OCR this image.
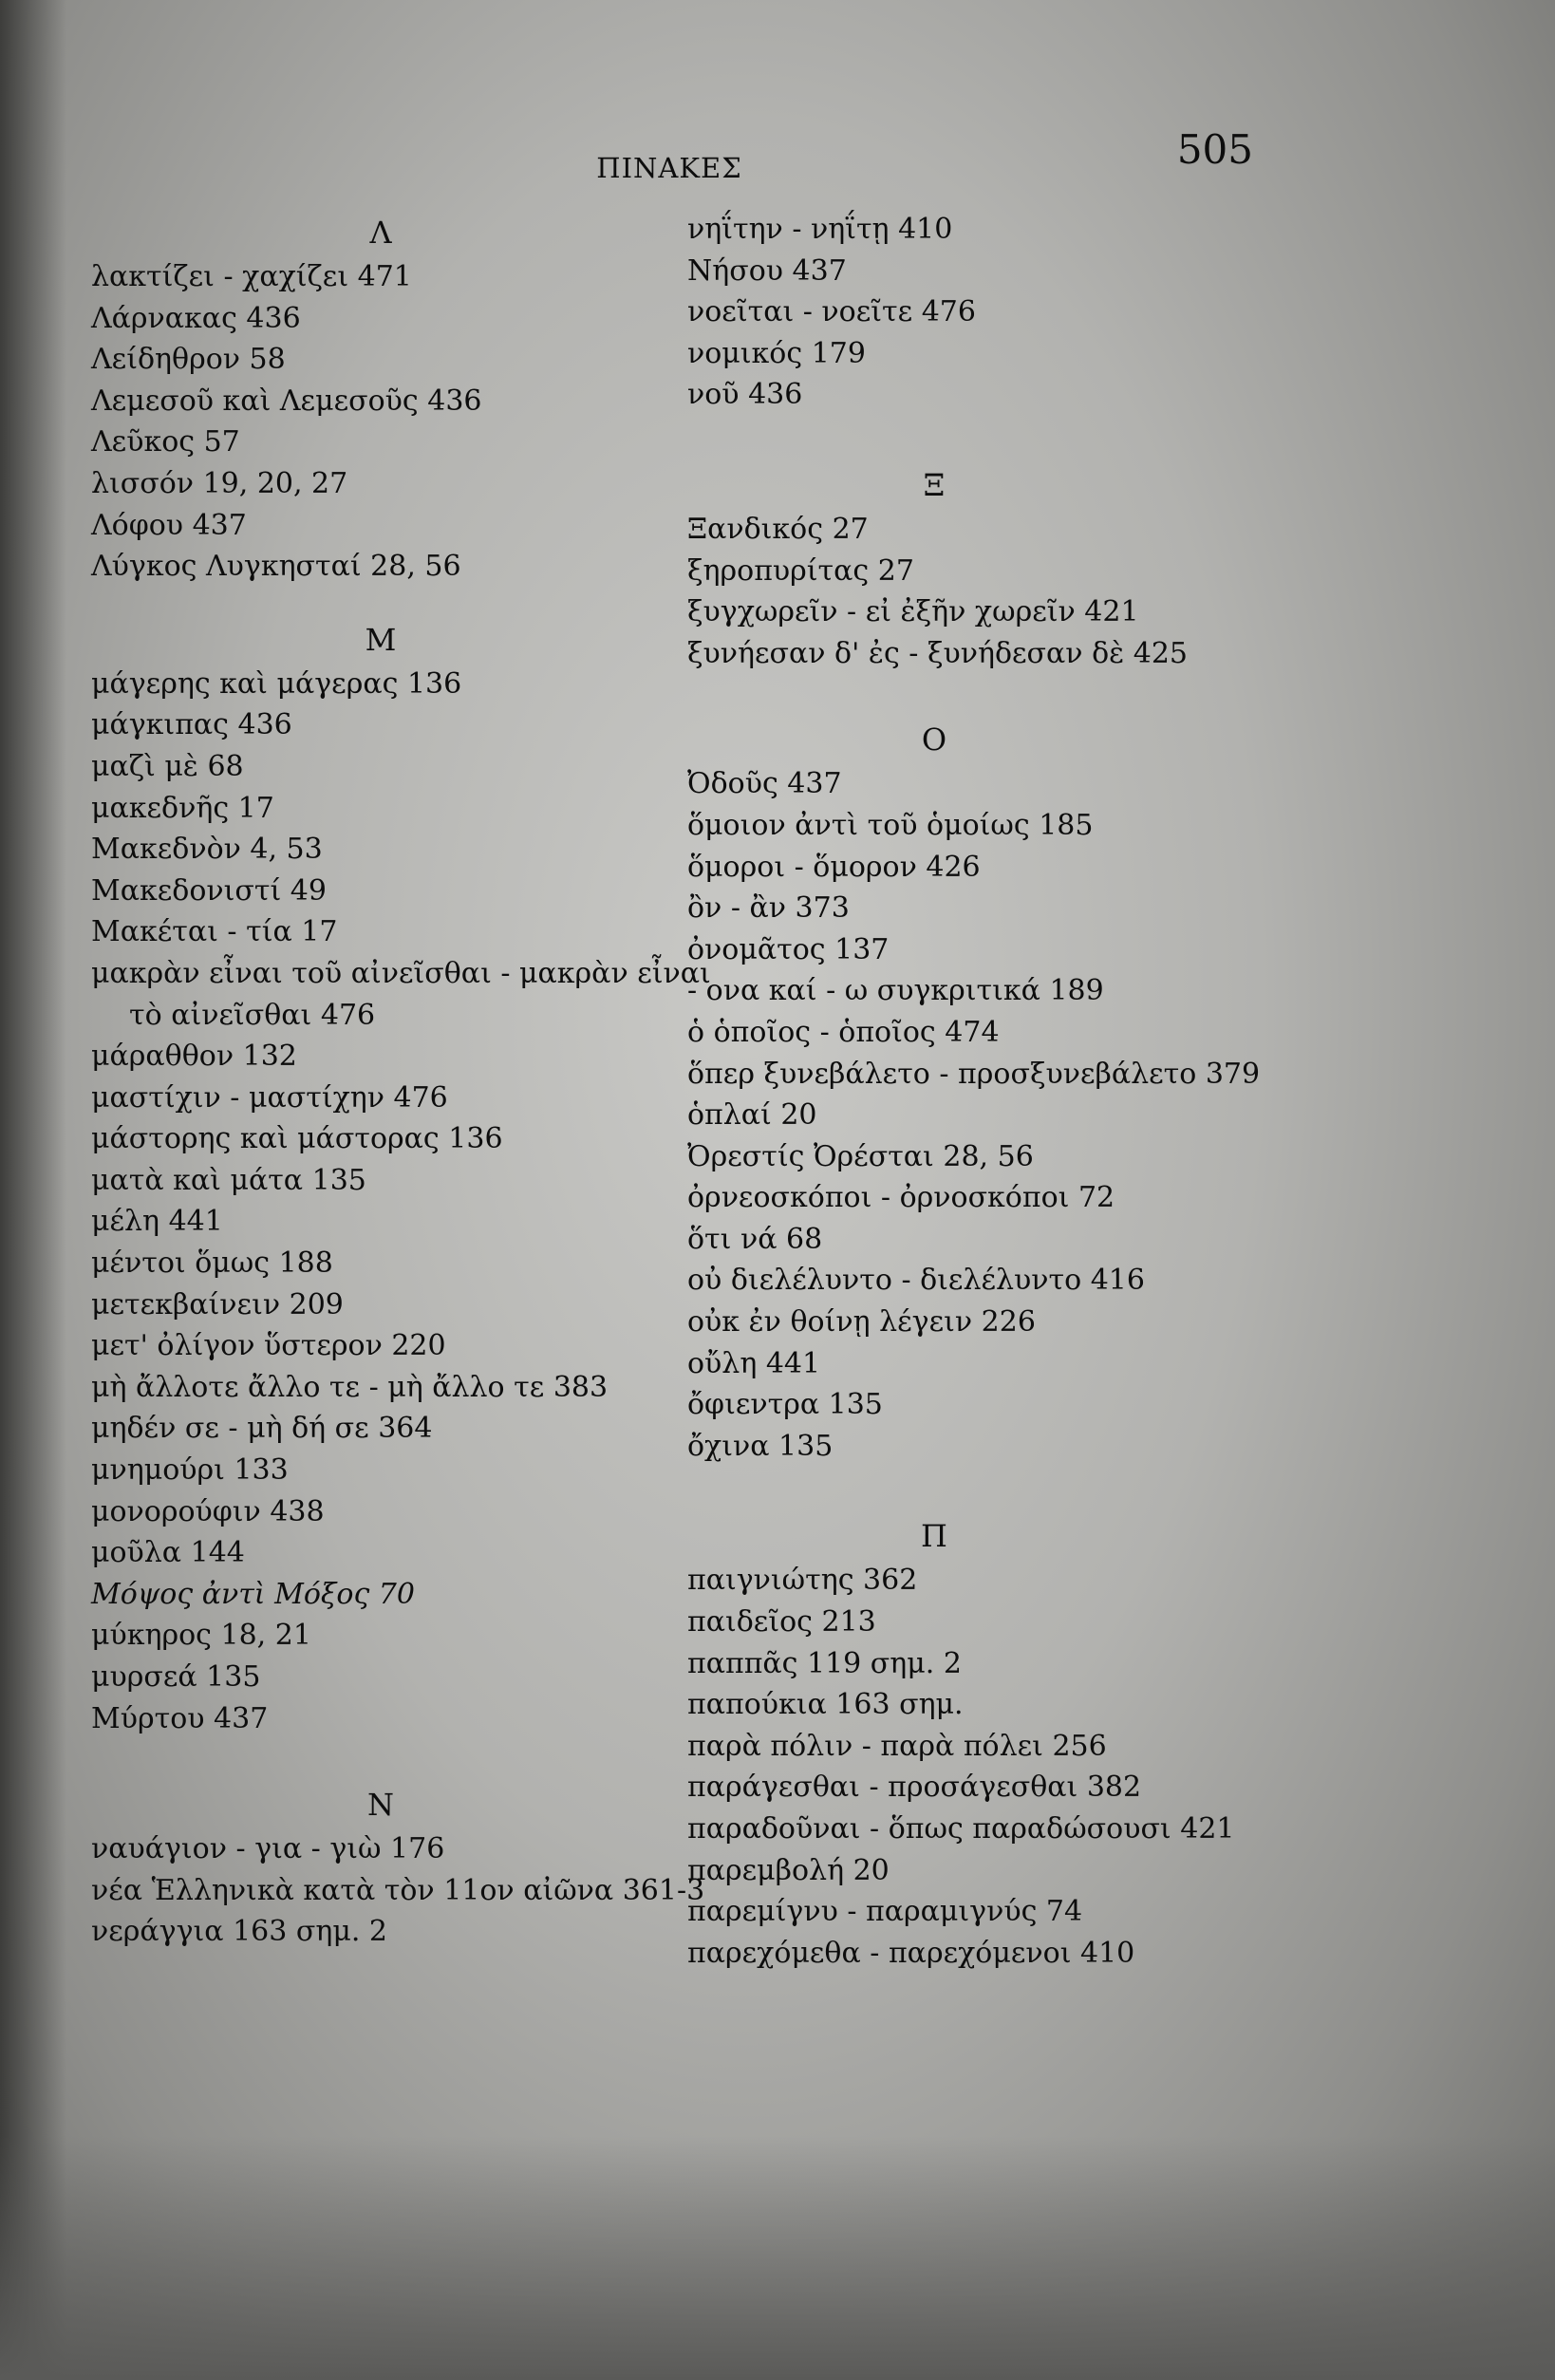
ΠΙΝΑΚΕΣ	505
Λ
λακτίζει - χαχίζει 471
Λάρνακας 436
Λείδηθρον 58
Λεμεσοῦ καὶ Λεμεσοῦς 436
Λεῦκος 57
λισσόν 19, 20, 27
Λόφου 437
Λύγκος Λυγκησταί 28, 56
Μ
μάγερης καὶ μάγερας 136
μάγκιπας 436
μαζὶ μὲ 68
μακεδνῆς 17
Μακεδνὸν 4, 53
Μακεδονιστί 49
Μακέται - τία 17
μακρὰν εἶναι τοῦ αἰνεῖσθαι - μακρὰν εἶναι
τὸ αἰνεῖσθαι 476
μάραθθον 132
μαστίχιν - μαστίχην 476
μάστορης καὶ μάστορας 136
ματὰ καὶ μάτα 135
μέλη 441
μέντοι ὅμως 188
μετεκβαίνειν 209
μετ' ὀλίγον ὕστερον 220
μὴ ἄλλοτε ἄλλο τε - μὴ ἄλλο τε 383
μηδέν σε - μὴ δή σε 364
μνημούρι 133
μονορούφιν 438
μοῦλα 144
Μόψος ἀντὶ Μόξος 70
μύκηρος 18, 21
μυρσεά 135
Μύρτου 437
Ν
ναυάγιον - για - γιὼ 176
νέα Ἑλληνικὰ κατὰ τὸν 11ον αἰῶνα 361-3
νεράγγια 163 σημ. 2
νηΐτην - νηΐτῃ 410
Νήσου 437
νοεῖται - νοεῖτε 476
νομικός 179
νοῦ 436
Ξ
Ξανδικός 27
ξηροπυρίτας 27
ξυγχωρεῖν - εἰ ἐξῆν χωρεῖν 421
ξυνήεσαν δ' ἐς - ξυνήδεσαν δὲ 425
Ο
Ὀδοῦς 437
ὅμοιον ἀντὶ τοῦ ὁμοίως 185
ὅμοροι - ὅμορον 426
ὂν - ἂν 373
ὀνομᾶτος 137
- ονα καί - ω συγκριτικά 189
ὁ ὁποῖος - ὁποῖος 474
ὅπερ ξυνεβάλετο - προσξυνεβάλετο 379
ὁπλαί 20
Ὀρεστίς Ὀρέσται 28, 56
ὀρνεοσκόποι - ὀρνοσκόποι 72
ὅτι νά 68
οὐ διελέλυντο - διελέλυντο 416
οὐκ ἐν θοίνῃ λέγειν 226
οὔλη 441
ὄφιεντρα 135
ὄχινα 135
Π
παιγνιώτης 362
παιδεῖος 213
παππᾶς 119 σημ. 2
παπούκια 163 σημ.
παρὰ πόλιν - παρὰ πόλει 256
παράγεσθαι - προσάγεσθαι 382
παραδοῦναι - ὅπως παραδώσουσι 421
παρεμβολή 20
παρεμίγνυ - παραμιγνύς 74
παρεχόμεθα - παρεχόμενοι 410
